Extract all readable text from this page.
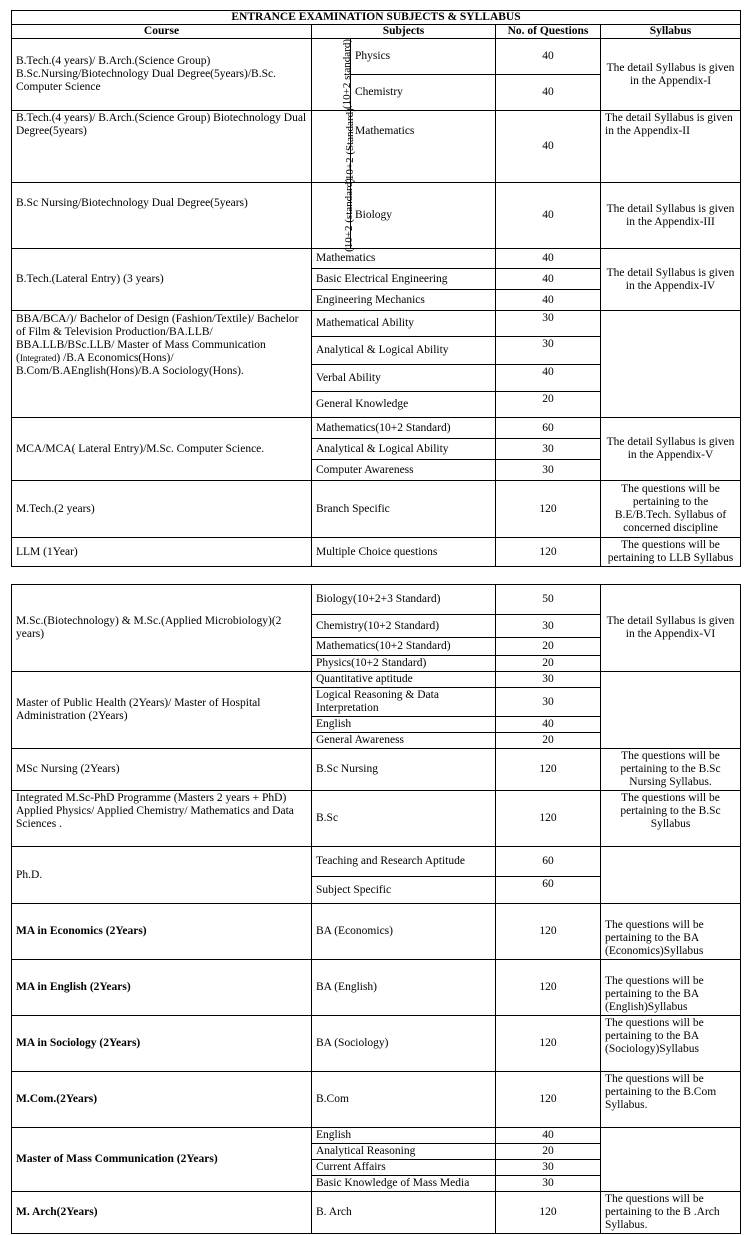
ENTRANCE EXAMINATION SUBJECTS & SYLLABUS				
Course	Subjects		No. of Questions	Syllabus
B.Tech.(4 years)/ B.Arch.(Science Group) B.Sc.Nursing/Biotechnology Dual Degree(5years)/B.Sc. Computer Science	(10+2 standard)	Physics	40	The detail Syllabus is given in the Appendix-I
		Chemistry	40	
B.Tech.(4 years)/ B.Arch.(Science Group) Biotechnology Dual Degree(5years)	(10+2 (Standard)	Mathematics	40	The detail Syllabus is given in the Appendix-II
B.Sc Nursing/Biotechnology Dual Degree(5years)	(10+2 (standard)	Biology	40	The detail Syllabus is given in the Appendix-III
B.Tech.(Lateral Entry) (3 years)	Mathematics		40	The detail Syllabus is given in the Appendix-IV
	Basic Electrical Engineering		40	
	Engineering Mechanics		40	
BBA/BCA/)/ Bachelor of Design (Fashion/Textile)/ Bachelor of Film & Television Production/BA.LLB/ BBA.LLB/BSc.LLB/ Master of Mass Communication (Integrated) /B.A Economics(Hons)/ B.Com/B.AEnglish(Hons)/B.A Sociology(Hons).	Mathematical Ability		30	
	Analytical & Logical Ability		30	
	Verbal Ability		40	
	General Knowledge		20	
MCA/MCA( Lateral Entry)/M.Sc. Computer Science.	Mathematics(10+2 Standard)		60	The detail Syllabus is given in the Appendix-V
	Analytical & Logical Ability		30	
	Computer Awareness		30	
M.Tech.(2 years)	Branch Specific		120	The questions will be pertaining to the B.E/B.Tech. Syllabus of concerned discipline
LLM (1Year)	Multiple Choice questions		120	The questions will be pertaining to LLB Syllabus
M.Sc.(Biotechnology) & M.Sc.(Applied Microbiology)(2 years)	Biology(10+2+3 Standard)	50	The detail Syllabus is given in the Appendix-VI
	Chemistry(10+2 Standard)	30	
	Mathematics(10+2 Standard)	20	
	Physics(10+2 Standard)	20	
Master of Public Health (2Years)/ Master of Hospital Administration (2Years)	Quantitative aptitude	30	
	Logical Reasoning & Data Interpretation	30	
	English	40	
	General Awareness	20	
MSc Nursing (2Years)	B.Sc Nursing	120	The questions will be pertaining to the B.Sc Nursing Syllabus.
Integrated M.Sc-PhD Programme (Masters 2 years + PhD) Applied Physics/ Applied Chemistry/ Mathematics and Data Sciences .	B.Sc	120	The questions will be pertaining to the B.Sc Syllabus
Ph.D.	Teaching and Research Aptitude	60	
	Subject Specific	60	
MA in Economics (2Years)	BA (Economics)	120	The questions will be pertaining to the BA (Economics)Syllabus
MA in English (2Years)	BA (English)	120	The questions will be pertaining to the BA (English)Syllabus
MA in Sociology (2Years)	BA (Sociology)	120	The questions will be pertaining to the BA (Sociology)Syllabus
M.Com.(2Years)	B.Com	120	The questions will be pertaining to the B.Com Syllabus.
Master of Mass Communication (2Years)	English	40	
	Analytical Reasoning	20	
	Current Affairs	30	
	Basic Knowledge of Mass Media	30	
M. Arch(2Years)	B. Arch	120	The questions will be pertaining to the B .Arch Syllabus.
